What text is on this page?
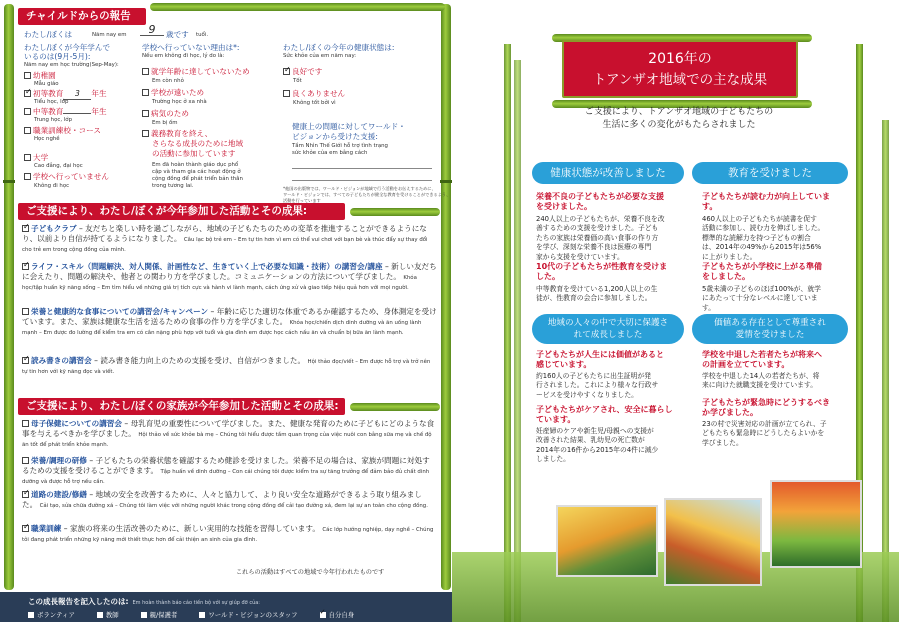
チャイルドからの報告
わたし/ぼくは	Năm nay em	9	歳です tuổi.
わたし/ぼくが今年学んで
いるのは(9月-5月):
Năm nay em học trường(Sep-May):
幼稚園
Mẫu giáo
✓初等教育 3 年生
Tiểu học, lớp
中等教育	年生
Trung học, lớp
職業訓練校・コース
Học nghề
大学
Cao đẳng, đại học
学校へ行っていません
Không đi học
学校へ行っていない理由は*:
Nếu em không đi học, lý do là:
就学年齢に達していないため
Em còn nhỏ
学校が遠いため
Trường học ở xa nhà
病気のため
Em bị ốm
義務教育を終え、
さらなる成長のために地域
の活動に参加しています
Em đã hoàn thành giáo dục phổ
cập và tham gia các hoạt động ở
cộng đồng để phát triển bản thân
trong tương lai.
わたし/ぼくの今年の健康状態は:
Sức khỏe của em năm nay:
✓良好です
Tốt
良くありません
Không tốt bởi vì
健康上の問題に対してワールド・
ビジョンから受けた支援:
Tầm Nhìn Thế Giới hỗ trợ tình trạng
sức khỏe của em bằng cách
*他国の出版物では、ワールド・ビジョンが地域で行う活動をお伝えするために、
ワールド・ビジョンでは、すべての子どもたちが健全な教育を受けることができるよう、
活動を行っています
ご支援により、わたし/ぼくが今年参加した活動とその成果:
✓子どもクラブ – 友だちと楽しい時を過ごしながら、地域の子どもたちのための変革を推進することができるようになり、以前より自信が持てるようになりました。 Câu lạc bộ trẻ em – Em tự tin hơn vì em có thể vui chơi với bạn bè và thúc đẩy sự thay đổi cho trẻ em trong cộng đồng của mình.
✓ライフ・スキル（問題解決、対人関係、計画性など、生きていく上で必要な知識・技術）の講習会/講座 – 新しい友だちに会えたり、問題の解決や、他者との関わり方を学びました。コミュニケーションの方法について学びました。 Khóa học/tập huấn kỹ năng sống – Em tìm hiểu về những giá trị tích cực và hành vi lành mạnh, cách ứng xử và giao tiếp hiệu quả hơn với mọi người.
栄養と健康的な食事についての講習会/キャンペーン – 年齢に応じた適切な体重であるか確認するため、身体測定を受けています。また、家族は健康な生活を送るための食事の作り方を学びました。 Khóa học/chiến dịch dinh dưỡng và ăn uống lành mạnh – Em được đo lường để kiểm tra em có cân nặng phù hợp với tuổi và gia đình em được học cách nấu ăn và chuẩn bị bữa ăn lành mạnh.
✓読み書きの講習会 – 読み書き能力向上のための支援を受け、自信がつきました。 Hội thảo đọc/viết – Em được hỗ trợ và trở nên tự tin hơn với kỹ năng đọc và viết.
ご支援により、わたし/ぼくの家族が今年参加した活動とその成果:
母子保健についての講習会 – 母乳育児の重要性について学びました。また、健康な発育のために子どもにどのような食事を与えるべきかを学びました。 Hội thảo về sức khỏe bà mẹ – Chúng tôi hiểu được tầm quan trọng của việc nuôi con bằng sữa mẹ và chế độ ăn tốt để phát triển khỏe mạnh.
栄養/調理の研修 – 子どもたちの栄養状態を確認するため健診を受けました。栄養不足の場合は、家族が問題に対処するための支援を受けることができます。 Tập huấn về dinh dưỡng – Con cái chúng tôi được kiểm tra sự tăng trưởng để đảm bảo đủ chất dinh dưỡng và được hỗ trợ nếu cần.
✓道路の建設/修繕 – 地域の安全を改善するために、人々と協力して、より良い安全な道路ができるよう取り組みました。 Cải tạo, sửa chữa đường xá – Chúng tôi làm việc với những người khác trong cộng đồng để cải tạo đường xá, đem lại sự an toàn cho cộng đồng.
✓職業訓練 – 家族の将来の生活改善のために、新しい実用的な技能を習得しています。 Các lớp hướng nghiệp, dạy nghề – Chúng tôi đang phát triển những kỹ năng mới thiết thực hơn để cải thiện an sinh của gia đình.
これらの活動はすべての地域で今年行われたものです
この成長報告を記入したのは: Em hoàn thành báo cáo tiến bộ với sự giúp đỡ của:
ボランティア	教師	親/保護者	ワールド・ビジョンのスタッフ
✓	自分自身
2016年の
トアンザオ地域での主な成果
ご支援により、トアンザオ地域の子どもたちの
生活に多くの変化がもたらされました
健康状態が改善しました	教育を受けました
栄養不良の子どもたちが必要な支援
を受けました。
240人以上の子どもたちが、栄養不良を改
善するための支援を受けました。子ども
たちの家族は栄養価の高い食事の作り方
を学び、深刻な栄養不良は医療の専門
家から支援を受けています。
10代の子どもたちが性教育を受けま
した。
中等教育を受けている1,200人以上の生
徒が、性教育の会合に参加しました。
子どもたちが読む力が向上していま
す。
460人以上の子どもたちが読書を促す
活動に参加し、読む力を伸ばしました。
標準的な読解力を持つ子どもの割合
は、2014年の49%から2015年は56%
に上がりました。
子どもたちが小学校に上がる準備
をしました。
5歳未満の子どものほぼ100%が、就学
にあたって十分なレベルに達していま
す。
地域の人々の中で大切に保護さ
れて成長しました
価値ある存在として尊重され
愛情を受けました
子どもたちが人生には価値があると
感じています。
約160人の子どもたちに出生証明が発
行されました。これにより様々な行政サ
ービスを受けやすくなりました。
子どもたちがケアされ、安全に暮らし
ています。
妊産婦のケアや新生児/母親への支援が
改善された結果、乳幼児の死亡数が
2014年の16件から2015年の4件に減少
しました。
学校を中退した若者たちが将来へ
の計画を立てています。
学校を中退した14人の若者たちが、将
来に向けた就職支援を受けています。
子どもたちが緊急時にどうするべき
か学びました。
23の村で災害対応の計画が立てられ、子
どもたちも緊急時にどうしたらよいかを
学びました。
